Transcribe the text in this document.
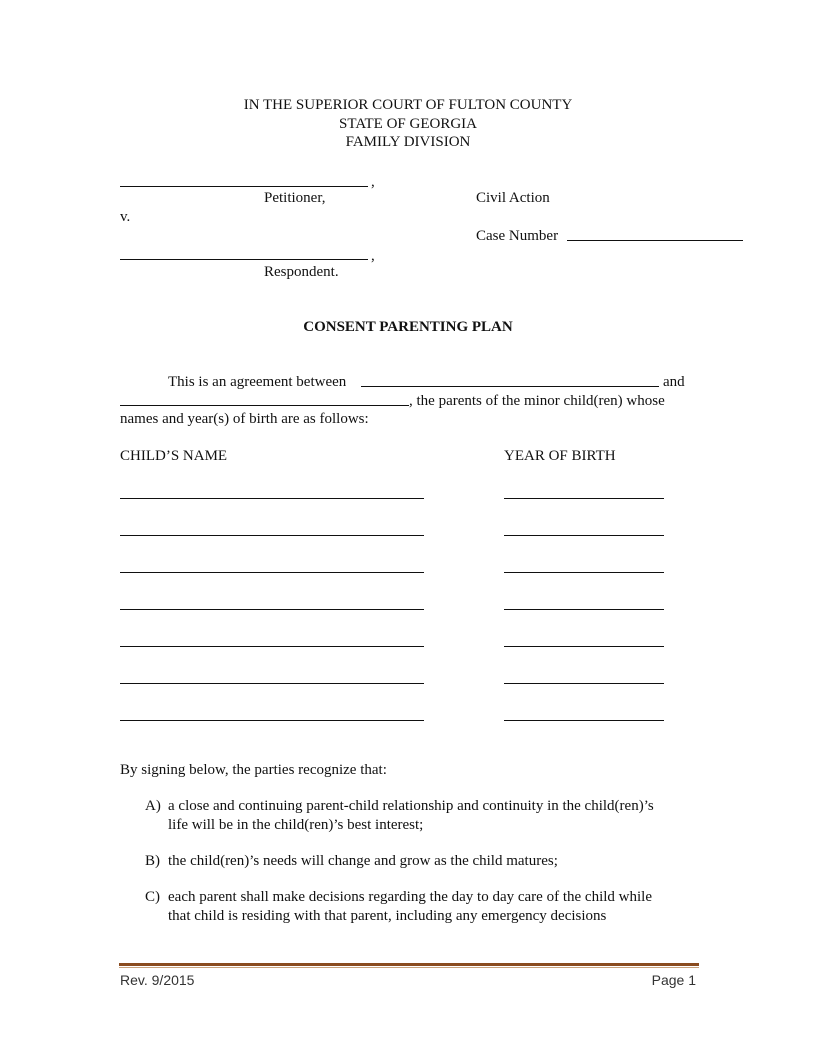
IN THE SUPERIOR COURT OF FULTON COUNTY
STATE OF GEORGIA
FAMILY DIVISION
,
Petitioner,
v.
,
Respondent.
Civil Action
Case Number
CONSENT PARENTING PLAN
This is an agreement between	and
, the parents of the minor child(ren) whose
names and year(s) of birth are as follows:
CHILD’S NAME	YEAR OF BIRTH
By signing below, the parties recognize that:
A) a close and continuing parent-child relationship and continuity in the child(ren)’s
life will be in the child(ren)’s best interest;
B) the child(ren)’s needs will change and grow as the child matures;
C) each parent shall make decisions regarding the day to day care of the child while
that child is residing with that parent, including any emergency decisions
Rev. 9/2015	Page 1
